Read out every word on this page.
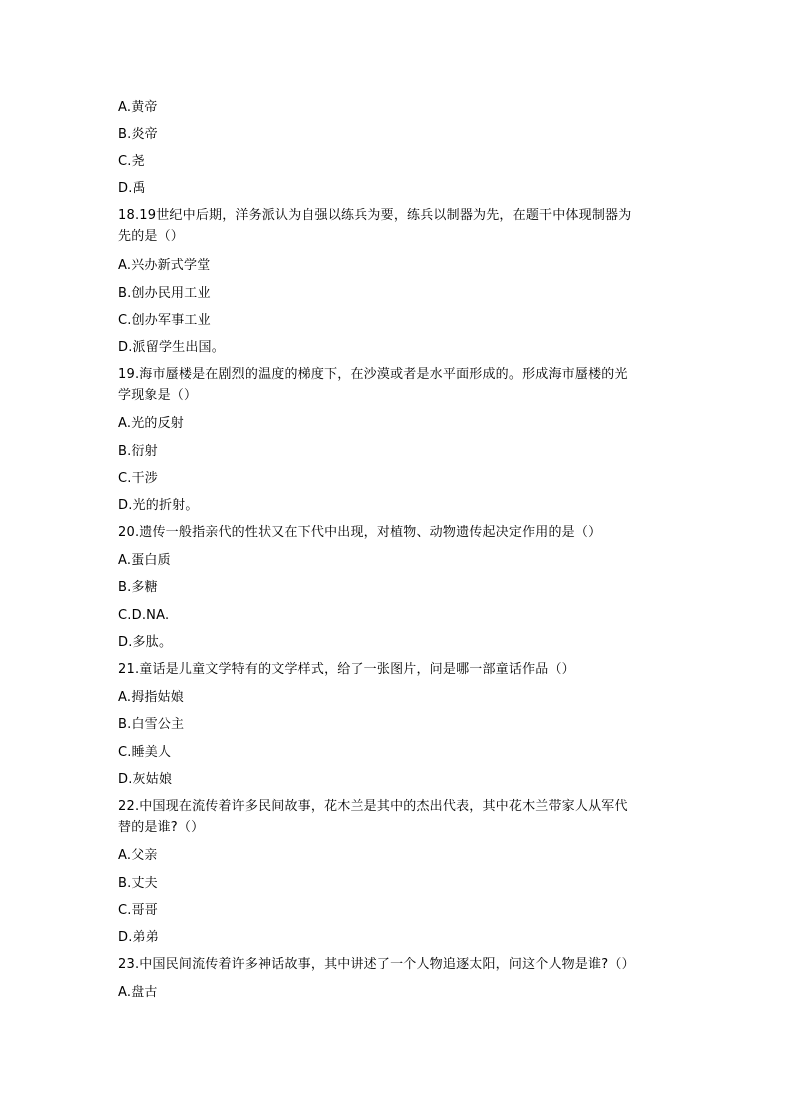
A.黄帝
B.炎帝
C.尧
D.禹
18.19世纪中后期，洋务派认为自强以练兵为要，练兵以制器为先，在题干中体现制器为
先的是（）
A.兴办新式学堂
B.创办民用工业
C.创办军事工业
D.派留学生出国。
19.海市蜃楼是在剧烈的温度的梯度下，在沙漠或者是水平面形成的。形成海市蜃楼的光
学现象是（）
A.光的反射
B.衍射
C.干涉
D.光的折射。
20.遗传一般指亲代的性状又在下代中出现，对植物、动物遗传起决定作用的是（）
A.蛋白质
B.多糖
C.D.NA.
D.多肽。
21.童话是儿童文学特有的文学样式，给了一张图片，问是哪一部童话作品（）
A.拇指姑娘
B.白雪公主
C.睡美人
D.灰姑娘
22.中国现在流传着许多民间故事，花木兰是其中的杰出代表，其中花木兰带家人从军代
替的是谁?（）
A.父亲
B.丈夫
C.哥哥
D.弟弟
23.中国民间流传着许多神话故事，其中讲述了一个人物追逐太阳，问这个人物是谁?（）
A.盘古
